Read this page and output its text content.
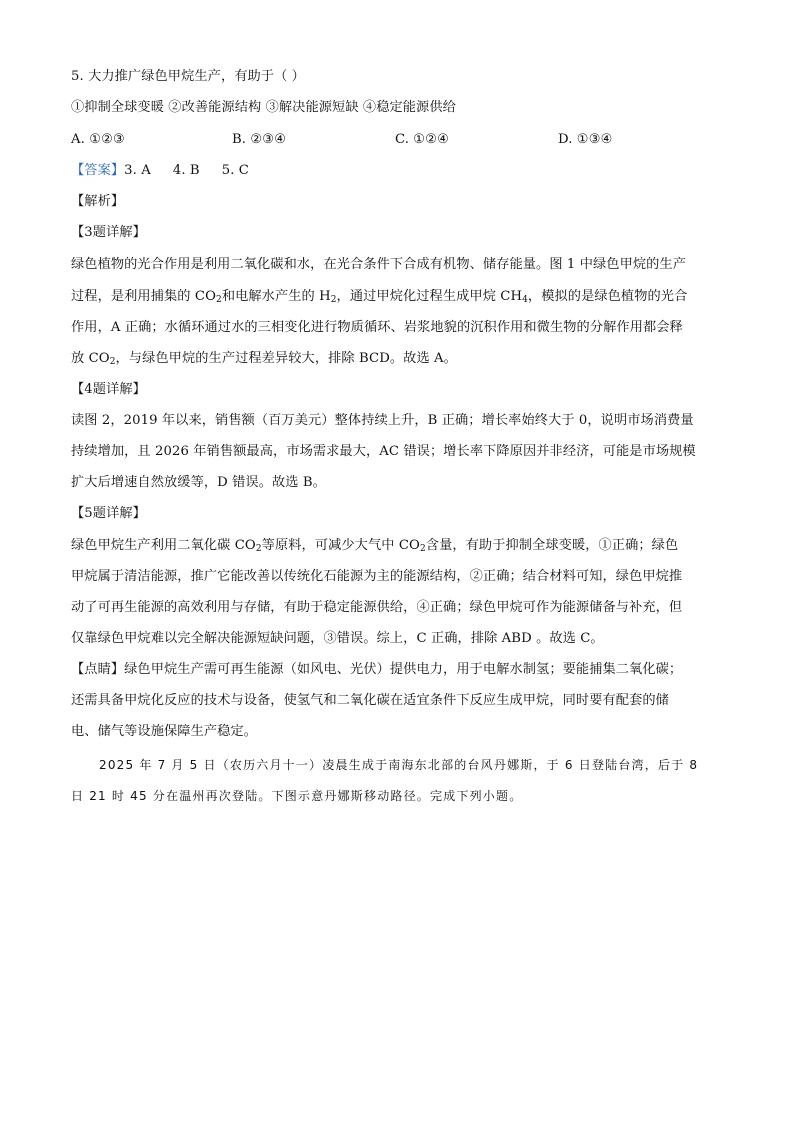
5. 大力推广绿色甲烷生产，有助于（ ）
①抑制全球变暖 ②改善能源结构 ③解决能源短缺 ④稳定能源供给
A. ①②③	B. ②③④	C. ①②④	D. ①③④
【答案】3. A 4. B 5. C
【解析】
【3题详解】
绿色植物的光合作用是利用二氧化碳和水，在光合条件下合成有机物、储存能量。图 1 中绿色甲烷的生产
过程，是利用捕集的 $CO_2$和电解水产生的 $H_2$，通过甲烷化过程生成甲烷 $CH_4$，模拟的是绿色植物的光合
作用，A 正确；水循环通过水的三相变化进行物质循环、岩浆地貌的沉积作用和微生物的分解作用都会释
放 $CO_2$，与绿色甲烷的生产过程差异较大，排除 BCD。故选 A。
【4题详解】
读图 2，2019 年以来，销售额（百万美元）整体持续上升，B 正确；增长率始终大于 0，说明市场消费量
持续增加，且 2026 年销售额最高，市场需求最大，AC 错误；增长率下降原因并非经济，可能是市场规模
扩大后增速自然放缓等，D 错误。故选 B。
【5题详解】
绿色甲烷生产利用二氧化碳 $CO_2$等原料，可减少大气中 $CO_2$含量，有助于抑制全球变暖，①正确；绿色
甲烷属于清洁能源，推广它能改善以传统化石能源为主的能源结构，②正确；结合材料可知，绿色甲烷推
动了可再生能源的高效利用与存储，有助于稳定能源供给，④正确；绿色甲烷可作为能源储备与补充，但
仅靠绿色甲烷难以完全解决能源短缺问题，③错误。综上，C 正确，排除 ABD 。故选 C。
【点睛】绿色甲烷生产需可再生能源（如风电、光伏）提供电力，用于电解水制氢；要能捕集二氧化碳；
还需具备甲烷化反应的技术与设备，使氢气和二氧化碳在适宜条件下反应生成甲烷，同时要有配套的储
电、储气等设施保障生产稳定。
2025 年 7 月 5 日（农历六月十一）凌晨生成于南海东北部的台风丹娜斯，于 6 日登陆台湾，后于 8
日 21 时 45 分在温州再次登陆。下图示意丹娜斯移动路径。完成下列小题。
